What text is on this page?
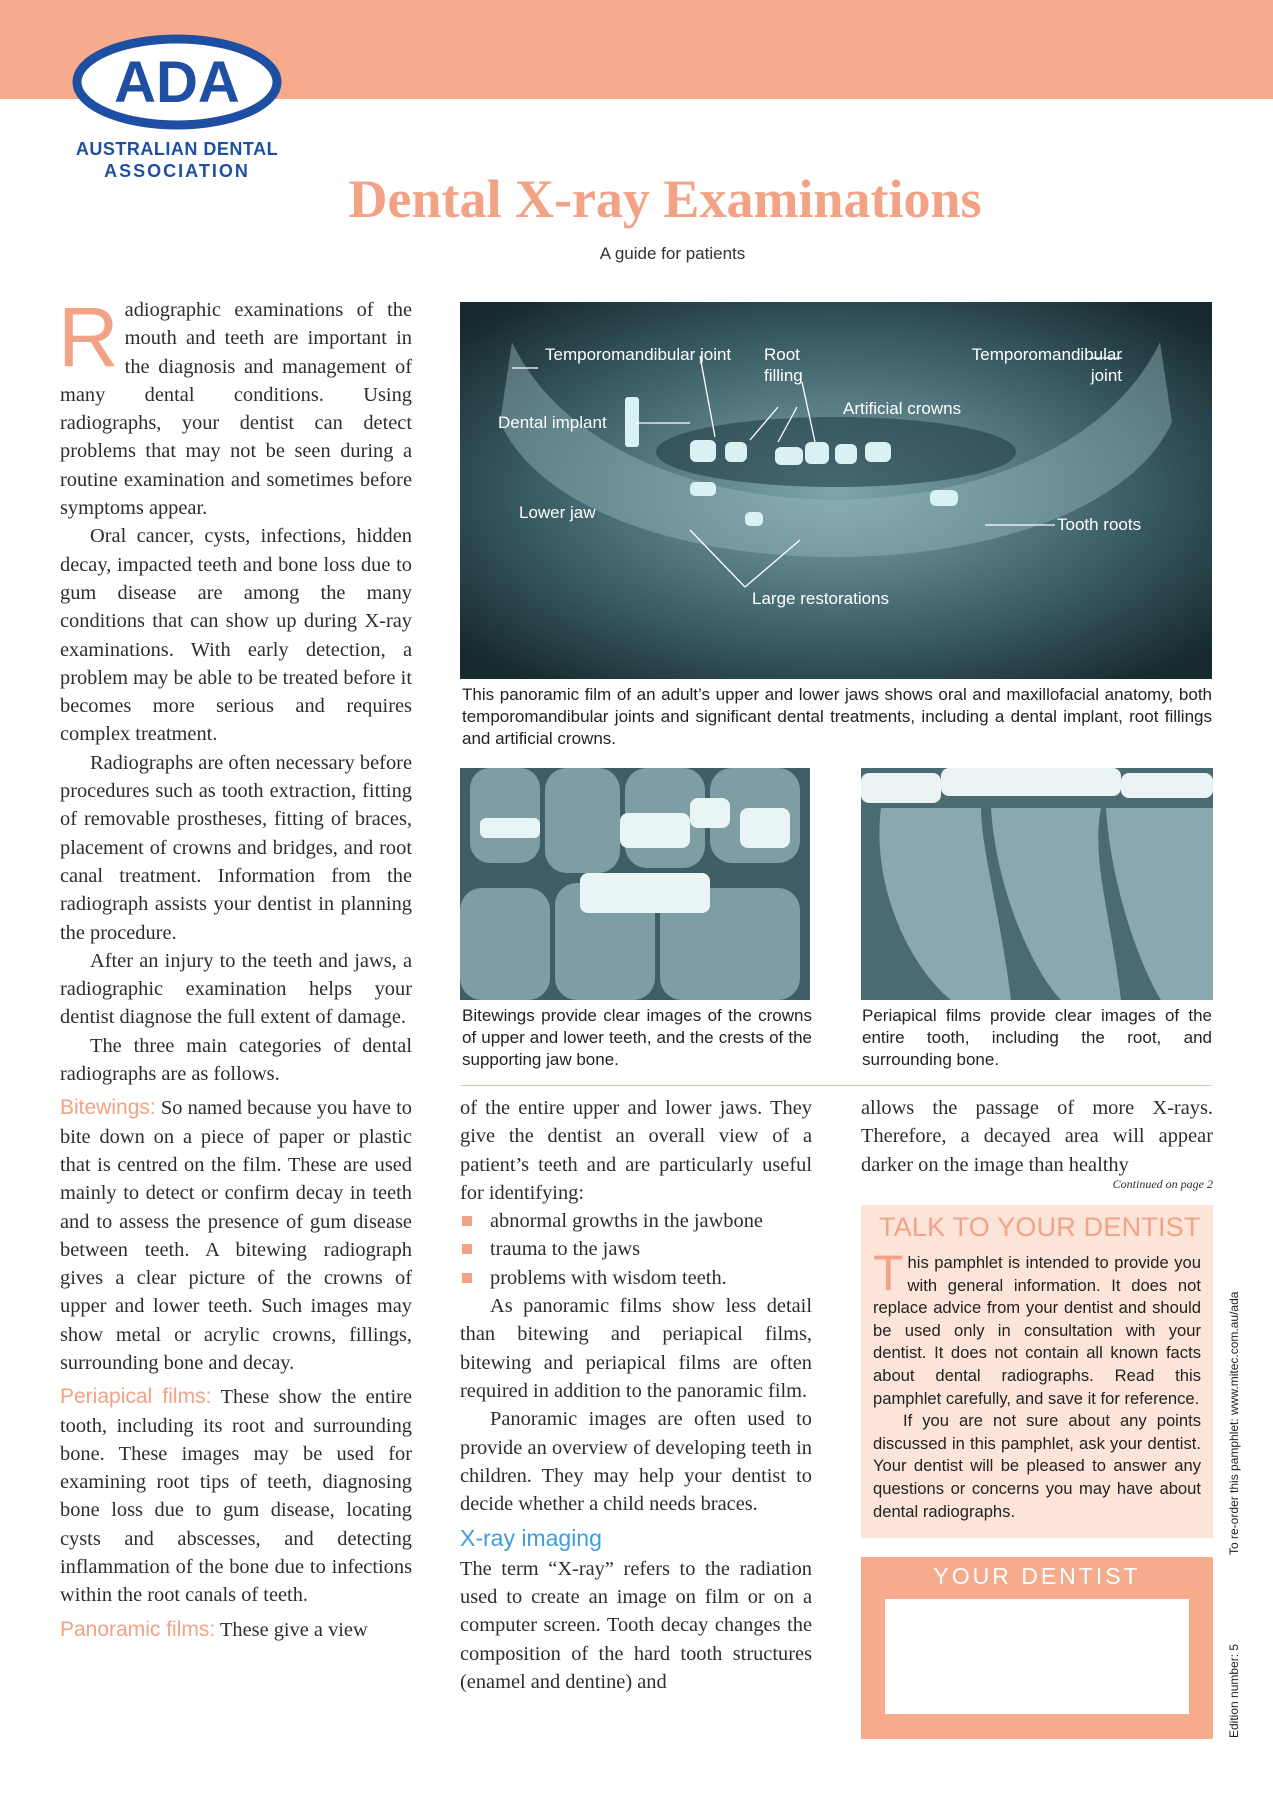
ADA
AUSTRALIAN DENTAL
ASSOCIATION	Dental X-ray Examinations
A guide for patients

Radiographic examinations of the mouth and teeth are important in the diagnosis and management of many dental conditions. Using radiographs, your dentist can detect problems that may not be seen during a routine examination and sometimes before symptoms appear.

Oral cancer, cysts, infections, hidden decay, impacted teeth and bone loss due to gum disease are among the many conditions that can show up during X-ray examinations. With early detection, a problem may be able to be treated before it becomes more serious and requires complex treatment.

Radiographs are often necessary before procedures such as tooth extraction, fitting of removable prostheses, fitting of braces, placement of crowns and bridges, and root canal treatment. Information from the radiograph assists your dentist in planning the procedure.

After an injury to the teeth and jaws, a radiographic examination helps your dentist diagnose the full extent of damage.

The three main categories of dental radiographs are as follows.

Bitewings: So named because you have to bite down on a piece of paper or plastic that is centred on the film. These are used mainly to detect or confirm decay in teeth and to assess the presence of gum disease between teeth. A bitewing radiograph gives a clear picture of the crowns of upper and lower teeth. Such images may show metal or acrylic crowns, fillings, surrounding bone and decay.

Periapical films: These show the entire tooth, including its root and surrounding bone. These images may be used for examining root tips of teeth, diagnosing bone loss due to gum disease, locating cysts and abscesses, and detecting inflammation of the bone due to infections within the root canals of teeth.

Panoramic films: These give a view

Temporomandibular joint Root filling
Temporomandibular joint
Artificial crowns
Dental implant
Lower jaw
Tooth roots
Large restorations
This panoramic film of an adult’s upper and lower jaws shows oral and maxillofacial anatomy, both temporomandibular joints and significant dental treatments, including a dental implant, root fillings and artificial crowns.
Bitewings provide clear images of the crowns of upper and lower teeth, and the crests of the supporting jaw bone.
Periapical films provide clear images of the entire tooth, including the root, and surrounding bone.

of the entire upper and lower jaws. They give the dentist an overall view of a patient’s teeth and are particularly useful for identifying:

abnormal growths in the jawbone
trauma to the jaws
problems with wisdom teeth.

As panoramic films show less detail than bitewing and periapical films, bitewing and periapical films are often required in addition to the panoramic film.

Panoramic images are often used to provide an overview of developing teeth in children. They may help your dentist to decide whether a child needs braces.

X-ray imaging

The term “X-ray” refers to the radiation used to create an image on film or on a computer screen. Tooth decay changes the composition of the hard tooth structures (enamel and dentine) and

allows the passage of more X-rays. Therefore, a decayed area will appear darker on the image than healthy

Continued on page 2
TALK TO YOUR DENTIST

This pamphlet is intended to provide you with general information. It does not replace advice from your dentist and should be used only in consultation with your dentist. It does not contain all known facts about dental radiographs. Read this pamphlet carefully, and save it for reference.

If you are not sure about any points discussed in this pamphlet, ask your dentist. Your dentist will be pleased to answer any questions or concerns you may have about dental radiographs.

YOUR DENTIST
To re-order this pamphlet: www.mitec.com.au/ada
Edition number: 5
